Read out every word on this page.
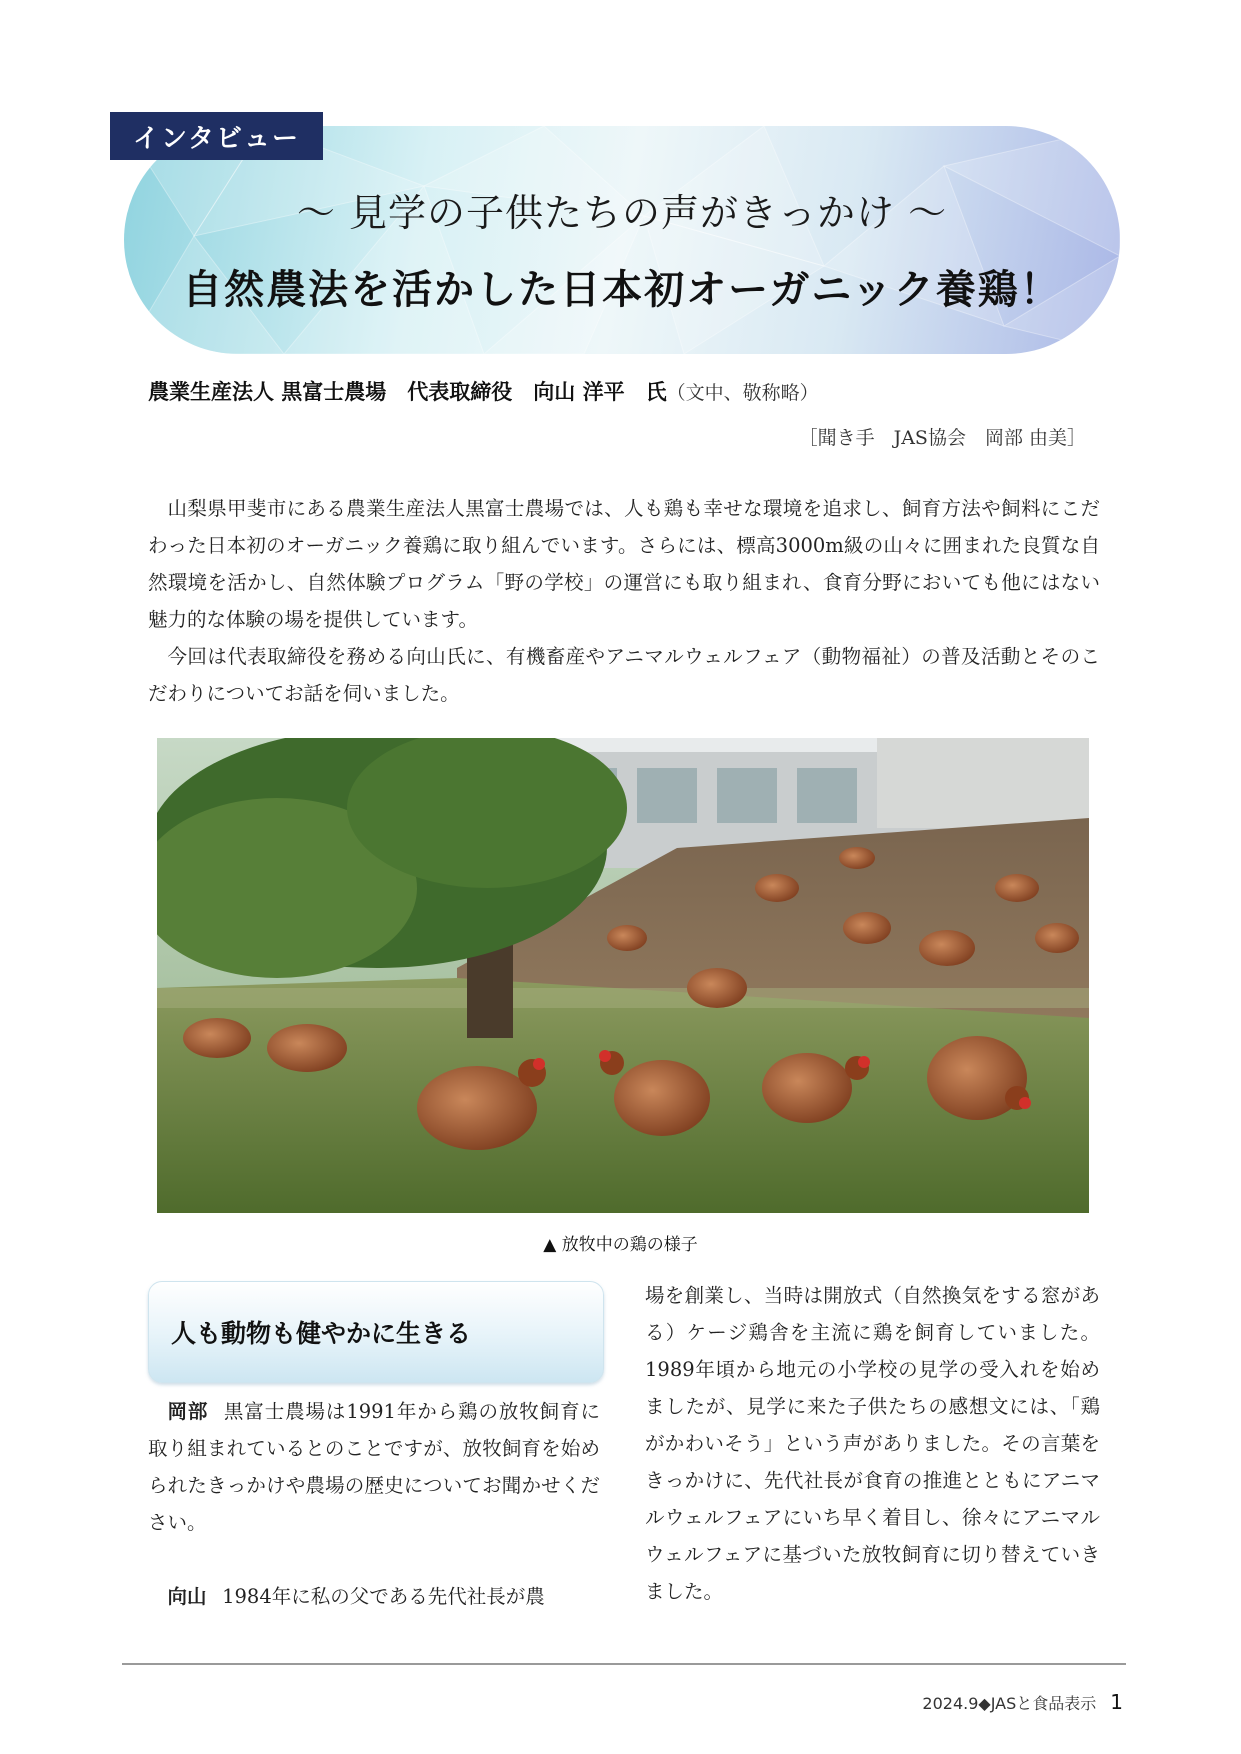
インタビュー
〜 見学の子供たちの声がきっかけ 〜
自然農法を活かした日本初オーガニック養鶏！
農業生産法人 黒富士農場　代表取締役　向山 洋平　氏（文中、敬称略）
［聞き手　JAS協会　岡部 由美］

山梨県甲斐市にある農業生産法人黒富士農場では、人も鶏も幸せな環境を追求し、飼育方法や飼料にこだわった日本初のオーガニック養鶏に取り組んでいます。さらには、標高3000m級の山々に囲まれた良質な自然環境を活かし、自然体験プログラム「野の学校」の運営にも取り組まれ、食育分野においても他にはない魅力的な体験の場を提供しています。

今回は代表取締役を務める向山氏に、有機畜産やアニマルウェルフェア（動物福祉）の普及活動とそのこだわりについてお話を伺いました。

▲ 放牧中の鶏の様子
人も動物も健やかに生きる

岡部 黒富士農場は1991年から鶏の放牧飼育に取り組まれているとのことですが、放牧飼育を始められたきっかけや農場の歴史についてお聞かせください。

向山 1984年に私の父である先代社長が農

場を創業し、当時は開放式（自然換気をする窓がある）ケージ鶏舎を主流に鶏を飼育していました。1989年頃から地元の小学校の見学の受入れを始めましたが、見学に来た子供たちの感想文には、「鶏がかわいそう」という声がありました。その言葉をきっかけに、先代社長が食育の推進とともにアニマルウェルフェアにいち早く着目し、徐々にアニマルウェルフェアに基づいた放牧飼育に切り替えていきました。

2024.9◆JASと食品表示 1
